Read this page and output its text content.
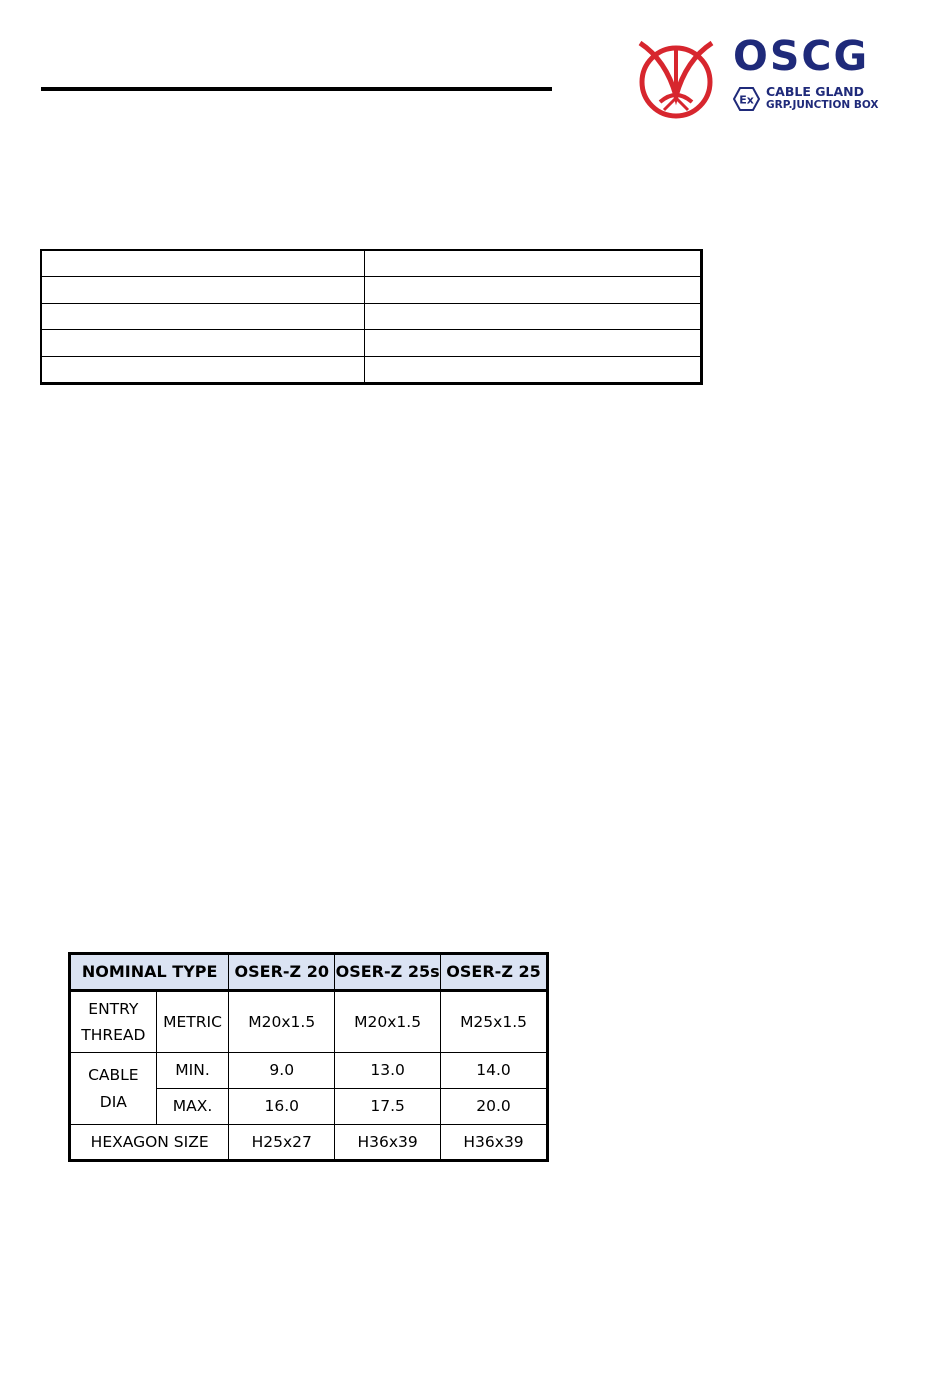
OSCG
Ex
CABLE GLAND
GRP.JUNCTION BOX

NOMINAL TYPE		OSER-Z 20	OSER-Z 25s	OSER-Z 25
ENTRY
THREAD	METRIC	M20x1.5	M20x1.5	M25x1.5
CABLE
DIA	MIN.	9.0	13.0	14.0
	MAX.	16.0	17.5	20.0
HEXAGON SIZE		H25x27	H36x39	H36x39
